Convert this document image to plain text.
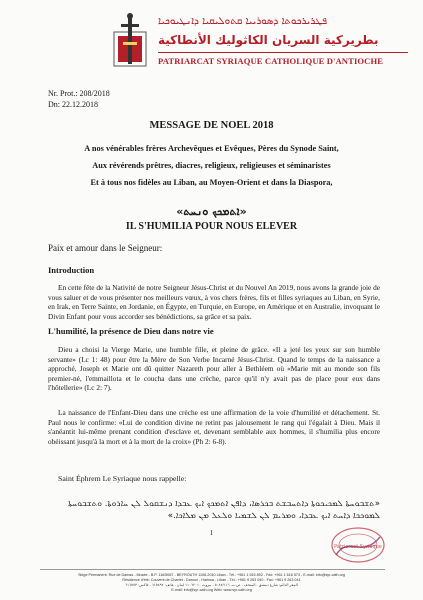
ܦܛܪܝܪܟܘܬܐ ܕܣܘܪܝܝܐ ܩܬܘܠܝܩܝܐ ܕܐܢܛܝܘܟܝܐ
بطريركية السريان الكاثوليك الأنطاكية
PATRIARCAT SYRIAQUE CATHOLIQUE D'ANTIOCHE
Nr. Prot.: 208/2018
Dn: 22.12.2018
MESSAGE DE NOEL 2018
A nos vénérables frères Archevêques et Evêques, Pères du Synode Saint,
Aux révérends prêtres, diacres, religieux, religieuses et séminaristes
Et à tous nos fidèles au Liban, au Moyen-Orient et dans la Diaspora,
«ܐܬܡܟܟ ܘܢܚܬ»
IL S'HUMILIA POUR NOUS ELEVER
Paix et amour dans le Seigneur:
Introduction
En cette fête de la Nativité de notre Seigneur Jésus-Christ et du Nouvel An 2019, nous avons la grande joie de vous saluer et de vous présenter nos meilleurs vœux, à vos chers frères, fils et filles syriaques au Liban, en Syrie, en Irak, en Terre Sainte, en Jordanie, en Égypte, en Turquie, en Europe, en Amérique et en Australie, invoquant le Divin Enfant pour vous accorder ses bénédictions, sa grâce et sa paix.
L'humilité, la présence de Dieu dans notre vie
Dieu a choisi la Vierge Marie, une humble fille, et pleine de grâce. «Il a jeté les yeux sur son humble servante» (Lc 1: 48) pour être la Mère de Son Verbe Incarné Jésus-Christ. Quand le temps de la naissance a approché, Joseph et Marie ont dû quitter Nazareth pour aller à Bethléem où «Marie mit au monde son fils premier-né, l'emmaillota et le coucha dans une crèche, parce qu'il n'y avait pas de place pour eux dans l'hôtellerie» (Lc 2: 7).
La naissance de l'Enfant-Dieu dans une crèche est une affirmation de la voie d'humilité et détachement. St. Paul nous le confirme: «Lui de condition divine ne retint pas jalousement le rang qui l'égalait à Dieu. Mais il s'anéantit lui-même prenant condition d'esclave et, devenant semblable aux hommes, il s'humilia plus encore obéissant jusqu'à la mort et à la mort de la croix» (Ph 2: 6-8).
Saint Éphrem Le Syriaque nous rappelle:
«ܬܫܒܘܚܬܐ ܠܡܟܝܟܘܬܐ ܕܐܬܚܒܫܬ ܒܟܪܣܐ، ܕܐܦܢ ܐܬܡܟܟ ܐܝܟ ܥܒܕܐ ܕܢܫܩܘܠ ܠܢ ܚܐܪܘܬܐ. ܘܬܫܒܘܚܬܐ ܠܡܘܟܟܐ ܕܐܚܬ ܐܝܟ ܥܒܕܐ، ܘܡܪܝܡ ܠܢ ܠܫܡܝܐ ܘܠܥܠ ܡܢ ܡܠܐܟܐ.»
1
Patriarcat Syriaque
Siège Permanent: Rue de Damas - Musée - B.P. 116/5087 - BEYROUTH 1106-2010 Liban - Tél.: +961 1 615 892 - Fax: +961 1 616 573 - E-mail: info@syr-cath.org
Résidence d'été: Couvent de Charfet - Daroun - Harissa - Liban - Tél.: +961 9 263 040 - Fax: +961 9 263 041
المقر الدائم: شارع دمشق - المتحف - ص.ب. ٥٠٨٧/١١٦ - بيروت ١١٠٦٢٠١٠ لبنان - هاتف: ٦١٥٨٩٢ - فاكس: ٦١٦٥٧٣
E-mail: info@syr-cath.org Web: www.syr-cath.org
